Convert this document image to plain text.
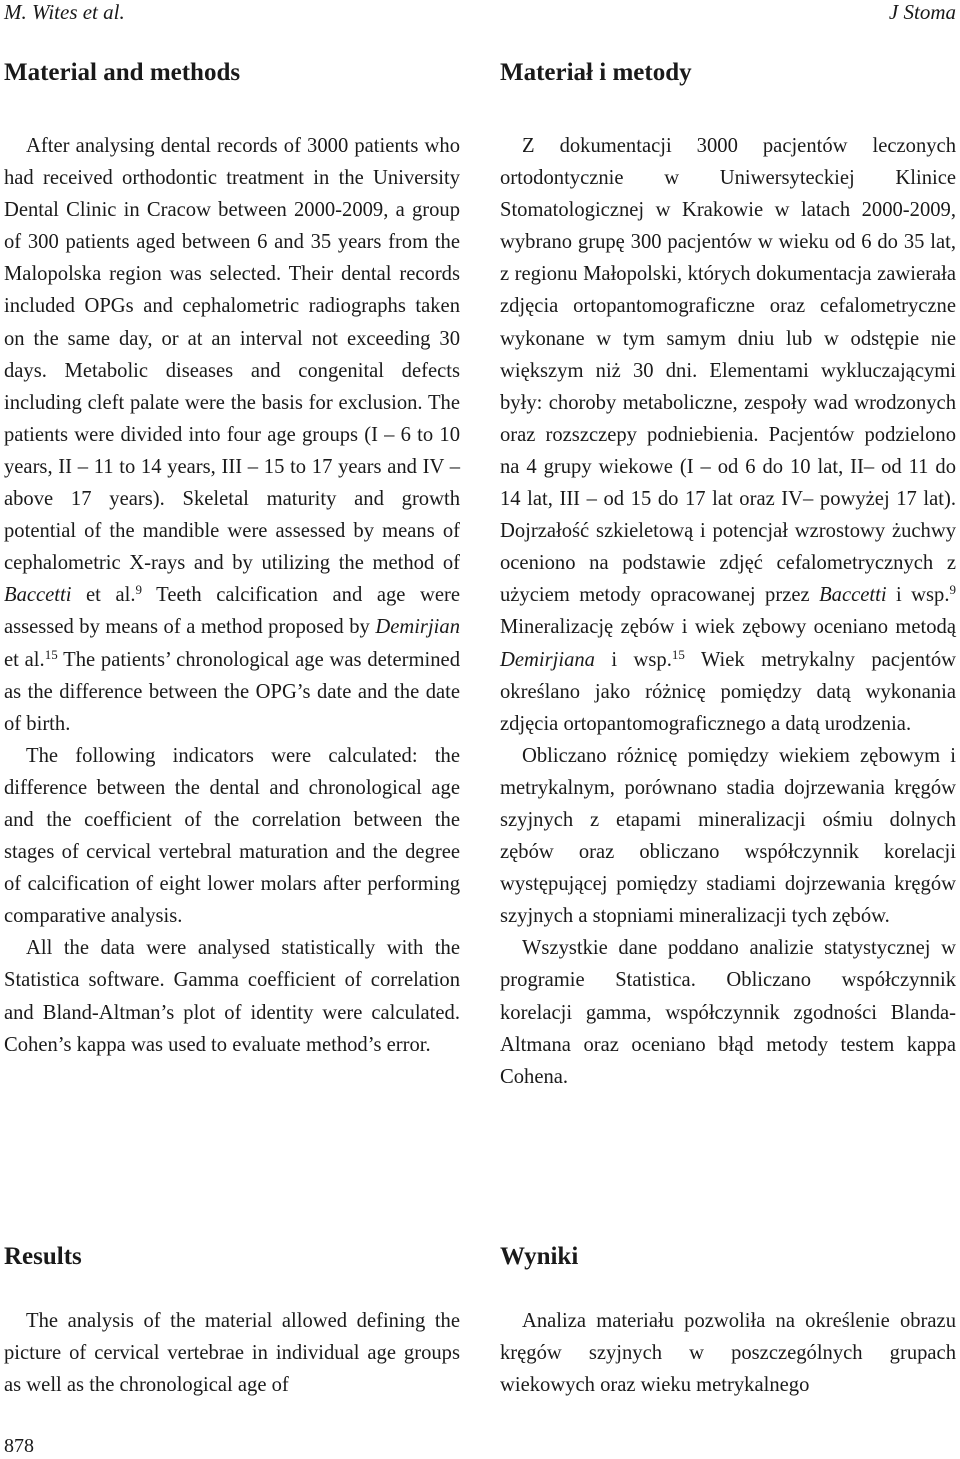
M. Wites et al.	J Stoma
Material and methods

After analysing dental records of 3000 patients who had received orthodontic treatment in the University Dental Clinic in Cracow between 2000-2009, a group of 300 patients aged between 6 and 35 years from the Malopolska region was selected. Their dental records included OPGs and cephalometric radiographs taken on the same day, or at an interval not exceeding 30 days. Metabolic diseases and congenital defects including cleft palate were the basis for exclusion. The patients were divided into four age groups (I – 6 to 10 years, II – 11 to 14 years, III – 15 to 17 years and IV – above 17 years). Skeletal maturity and growth potential of the mandible were assessed by means of cephalometric X-rays and by utilizing the method of Baccetti et al.$^9$ Teeth calcification and age were assessed by means of a method proposed by Demirjian et al.$^{15}$ The patients’ chronological age was determined as the difference between the OPG’s date and the date of birth.

The following indicators were calculated: the difference between the dental and chronological age and the coefficient of the correlation between the stages of cervical vertebral maturation and the degree of calcification of eight lower molars after performing comparative analysis.

All the data were analysed statistically with the Statistica software. Gamma coefficient of correlation and Bland-Altman’s plot of identity were calculated. Cohen’s kappa was used to evaluate method’s error.

Results

The analysis of the material allowed defining the picture of cervical vertebrae in individual age groups as well as the chronological age of

Materiał i metody

Z dokumentacji 3000 pacjentów leczonych ortodontycznie w Uniwersyteckiej Klinice Stomatologicznej w Krakowie w latach 2000-2009, wybrano grupę 300 pacjentów w wieku od 6 do 35 lat, z regionu Małopolski, których dokumentacja zawierała zdjęcia ortopantomograficzne oraz cefalometryczne wykonane w tym samym dniu lub w odstępie nie większym niż 30 dni. Elementami wykluczającymi były: choroby metaboliczne, zespoły wad wrodzonych oraz rozszczepy podniebienia. Pacjentów podzielono na 4 grupy wiekowe (I – od 6 do 10 lat, II– od 11 do 14 lat, III – od 15 do 17 lat oraz IV– powyżej 17 lat). Dojrzałość szkieletową i potencjał wzrostowy żuchwy oceniono na podstawie zdjęć cefalometrycznych z użyciem metody opracowanej przez Baccetti i wsp.$^9$ Mineralizację zębów i wiek zębowy oceniano metodą Demirjiana i wsp.$^{15}$ Wiek metrykalny pacjentów określano jako różnicę pomiędzy datą wykonania zdjęcia ortopantomograficznego a datą urodzenia.

Obliczano różnicę pomiędzy wiekiem zębowym i metrykalnym, porównano stadia dojrzewania kręgów szyjnych z etapami mineralizacji ośmiu dolnych zębów oraz obliczano współczynnik korelacji występującej pomiędzy stadiami dojrzewania kręgów szyjnych a stopniami mineralizacji tych zębów.

Wszystkie dane poddano analizie statystycznej w programie Statistica. Obliczano współczynnik korelacji gamma, współczynnik zgodności Blanda-Altmana oraz oceniano błąd metody testem kappa Cohena.

Wyniki

Analiza materiału pozwoliła na określenie obrazu kręgów szyjnych w poszczególnych grupach wiekowych oraz wieku metrykalnego

878
